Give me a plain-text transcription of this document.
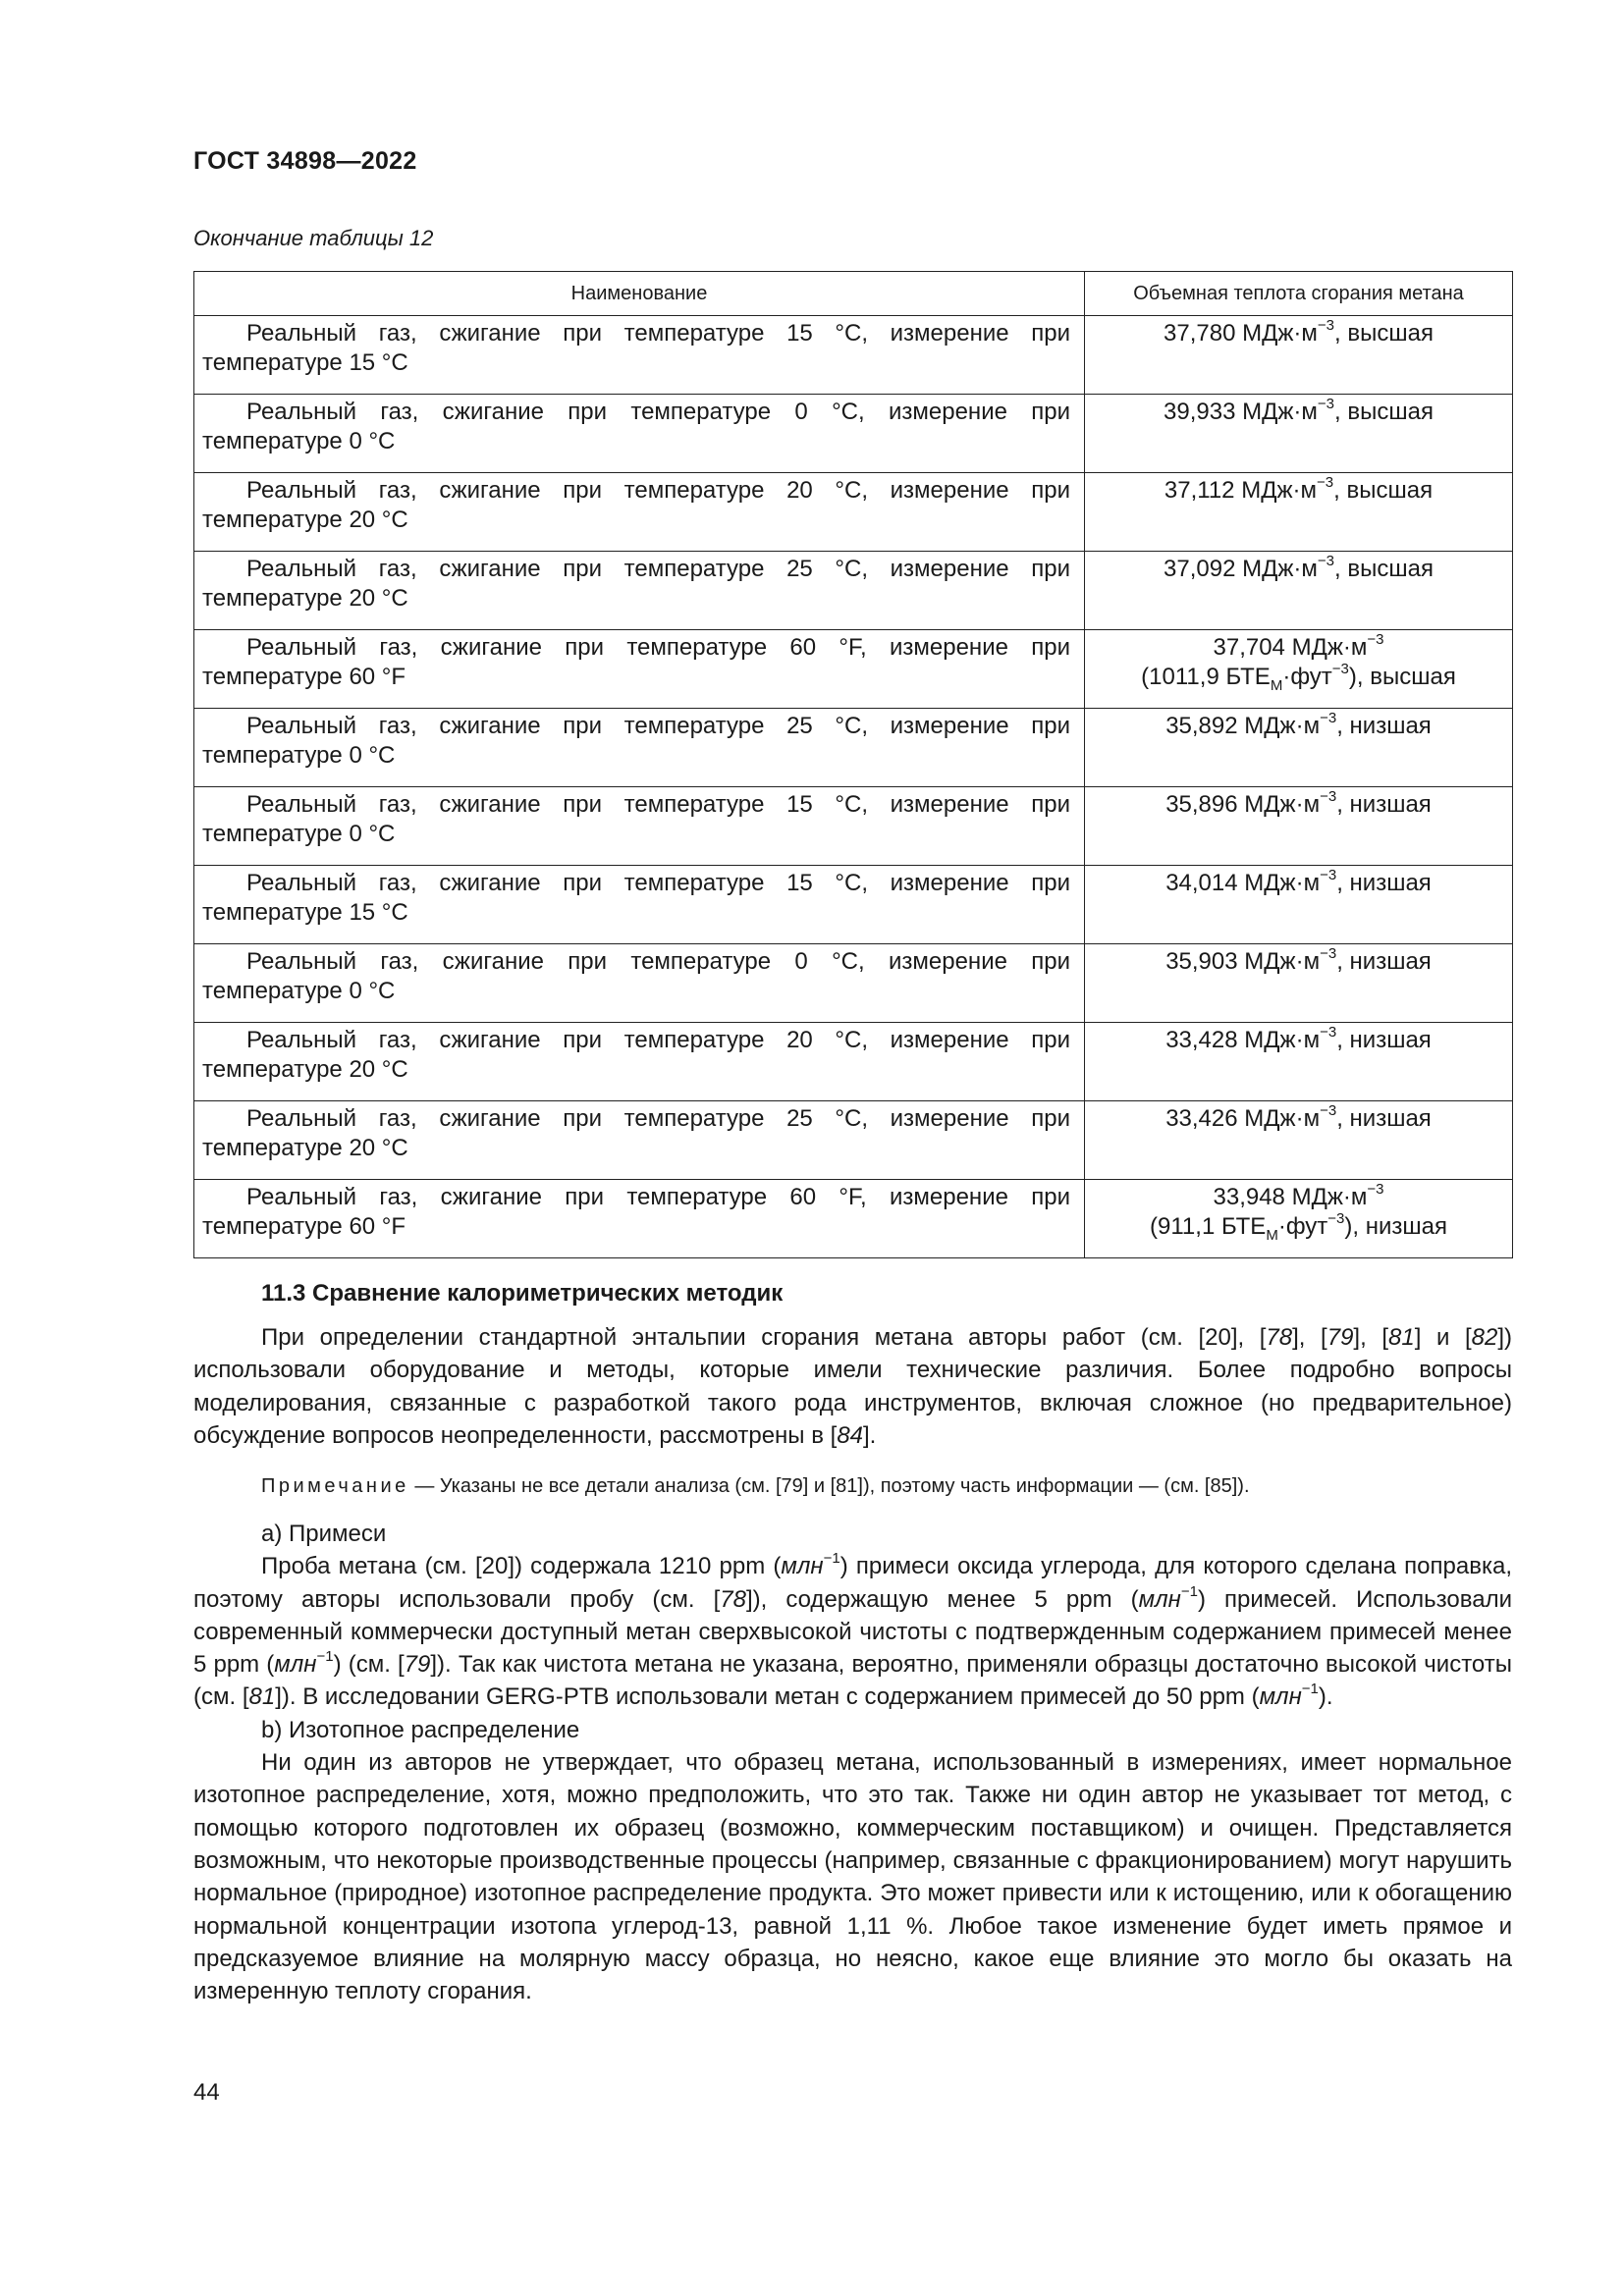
ГОСТ 34898—2022
Окончание таблицы 12
Наименование	Объемная теплота сгорания метана
Реальный газ, сжигание при температуре 15 °C, измерение при температуре 15 °C	37,780 $МДж\cdot м^{-3}$, высшая
Реальный газ, сжигание при температуре 0 °C, измерение при температуре 0 °C	39,933 $МДж\cdot м^{-3}$, высшая
Реальный газ, сжигание при температуре 20 °C, измерение при температуре 20 °C	37,112 $МДж\cdot м^{-3}$, высшая
Реальный газ, сжигание при температуре 25 °C, измерение при температуре 20 °C	37,092 $МДж\cdot м^{-3}$, высшая
Реальный газ, сжигание при температуре 60 °F, измерение при температуре 60 °F	37,704 $МДж\cdot м^{-3}$
(1011,9 $БТЕ_М\cdot фут^{-3}$), высшая
Реальный газ, сжигание при температуре 25 °C, измерение при температуре 0 °C	35,892 $МДж\cdot м^{-3}$, низшая
Реальный газ, сжигание при температуре 15 °C, измерение при температуре 0 °C	35,896 $МДж\cdot м^{-3}$, низшая
Реальный газ, сжигание при температуре 15 °C, измерение при температуре 15 °C	34,014 $МДж\cdot м^{-3}$, низшая
Реальный газ, сжигание при температуре 0 °C, измерение при температуре 0 °C	35,903 $МДж\cdot м^{-3}$, низшая
Реальный газ, сжигание при температуре 20 °C, измерение при температуре 20 °C	33,428 $МДж\cdot м^{-3}$, низшая
Реальный газ, сжигание при температуре 25 °C, измерение при температуре 20 °C	33,426 $МДж\cdot м^{-3}$, низшая
Реальный газ, сжигание при температуре 60 °F, измерение при температуре 60 °F	33,948 $МДж\cdot м^{-3}$
(911,1 $БТЕ_М\cdot фут^{-3}$), низшая
11.3 Сравнение калориметрических методик

При определении стандартной энтальпии сгорания метана авторы работ (см. [20], [78], [79], [81] и [82]) использовали оборудование и методы, которые имели технические различия. Более подробно вопросы моделирования, связанные с разработкой такого рода инструментов, включая сложное (но предварительное) обсуждение вопросов неопределенности, рассмотрены в [84].

Примечание — Указаны не все детали анализа (см. [79] и [81]), поэтому часть информации — (см. [85]).

а) Примеси

Проба метана (см. [20]) содержала 1210 ppm (млн$^{-1}$) примеси оксида углерода, для которого сделана поправка, поэтому авторы использовали пробу (см. [78]), содержащую менее 5 ppm (млн$^{-1}$) примесей. Использовали современный коммерчески доступный метан сверхвысокой чистоты с подтвержденным содержанием примесей менее 5 ppm (млн$^{-1}$) (см. [79]). Так как чистота метана не указана, вероятно, применяли образцы достаточно высокой чистоты (см. [81]). В исследовании GERG-PTB использовали метан с содержанием примесей до 50 ppm (млн$^{-1}$).

b) Изотопное распределение

Ни один из авторов не утверждает, что образец метана, использованный в измерениях, имеет нормальное изотопное распределение, хотя, можно предположить, что это так. Также ни один автор не указывает тот метод, с помощью которого подготовлен их образец (возможно, коммерческим поставщиком) и очищен. Представляется возможным, что некоторые производственные процессы (например, связанные с фракционированием) могут нарушить нормальное (природное) изотопное распределение продукта. Это может привести или к истощению, или к обогащению нормальной концентрации изотопа углерод-13, равной 1,11 %. Любое такое изменение будет иметь прямое и предсказуемое влияние на молярную массу образца, но неясно, какое еще влияние это могло бы оказать на измеренную теплоту сгорания.

44
